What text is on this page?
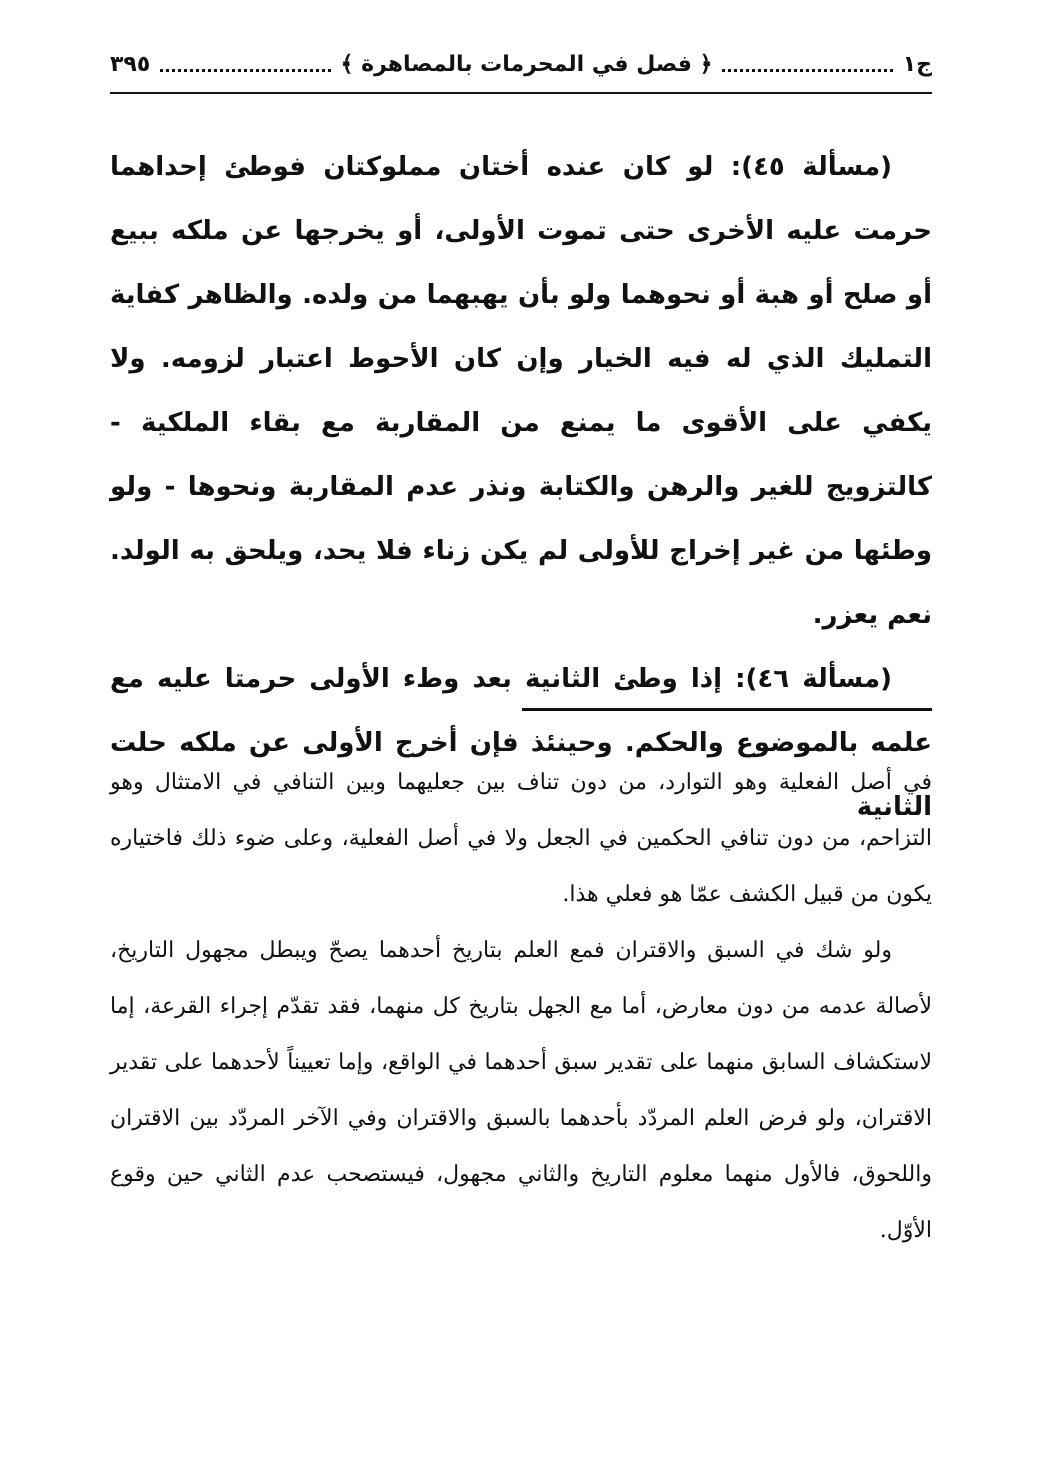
ج١
﴿ فصل في المحرمات بالمصاهرة ﴾
٣٩٥

(مسألة ٤٥): لو كان عنده أختان مملوكتان فوطئ إحداهما حرمت عليه الأخرى حتى تموت الأولى، أو يخرجها عن ملكه ببيع أو صلح أو هبة أو نحوهما ولو بأن يهبهما من ولده. والظاهر كفاية التمليك الذي له فيه الخيار وإن كان الأحوط اعتبار لزومه. ولا يكفي على الأقوى ما يمنع من المقاربة مع بقاء الملكية - كالتزويج للغير والرهن والكتابة ونذر عدم المقاربة ونحوها - ولو وطئها من غير إخراج للأولى لم يكن زناء فلا يحد، ويلحق به الولد. نعم يعزر.

(مسألة ٤٦): إذا وطئ الثانية بعد وطء الأولى حرمتا عليه مع علمه بالموضوع والحكم. وحينئذ فإن أخرج الأولى عن ملكه حلت الثانية

في أصل الفعلية وهو التوارد، من دون تناف بين جعليهما وبين التنافي في الامتثال وهو التزاحم، من دون تنافي الحكمين في الجعل ولا في أصل الفعلية، وعلى ضوء ذلك فاختياره يكون من قبيل الكشف عمّا هو فعلي هذا.

ولو شك في السبق والاقتران فمع العلم بتاريخ أحدهما يصحّ ويبطل مجهول التاريخ، لأصالة عدمه من دون معارض، أما مع الجهل بتاريخ كل منهما، فقد تقدّم إجراء القرعة، إما لاستكشاف السابق منهما على تقدير سبق أحدهما في الواقع، وإما تعييناً لأحدهما على تقدير الاقتران، ولو فرض العلم المردّد بأحدهما بالسبق والاقتران وفي الآخر المردّد بين الاقتران واللحوق، فالأول منهما معلوم التاريخ والثاني مجهول، فيستصحب عدم الثاني حين وقوع الأوّل.
